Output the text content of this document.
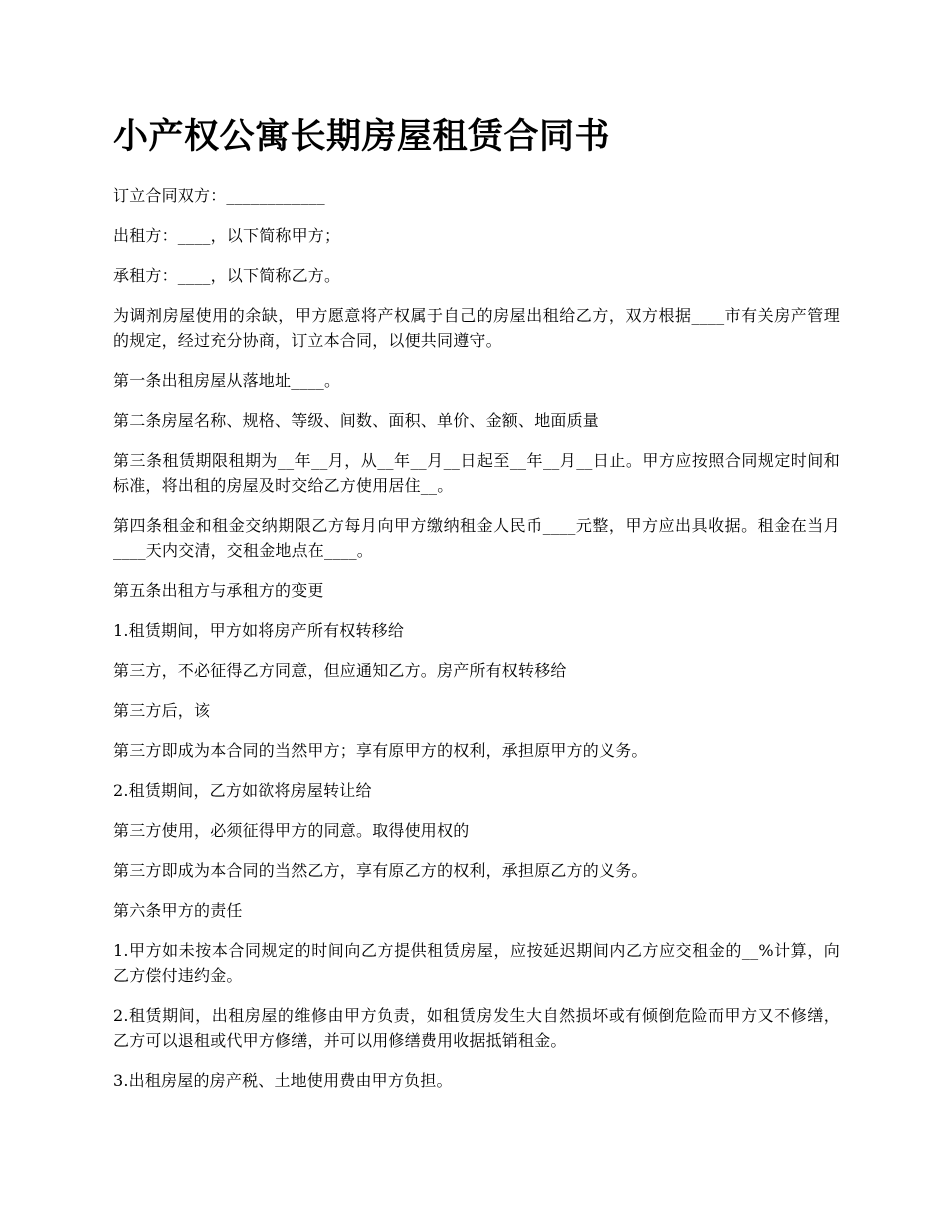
小产权公寓长期房屋租赁合同书

订立合同双方：____________

出租方：____，以下简称甲方；

承租方：____，以下简称乙方。

为调剂房屋使用的余缺，甲方愿意将产权属于自己的房屋出租给乙方，双方根据____市有关房产管理的规定，经过充分协商，订立本合同，以便共同遵守。

第一条出租房屋从落地址____。

第二条房屋名称、规格、等级、间数、面积、单价、金额、地面质量

第三条租赁期限租期为__年__月，从__年__月__日起至__年__月__日止。甲方应按照合同规定时间和标准，将出租的房屋及时交给乙方使用居住__。

第四条租金和租金交纳期限乙方每月向甲方缴纳租金人民币____元整，甲方应出具收据。租金在当月____天内交清，交租金地点在____。

第五条出租方与承租方的变更

1.租赁期间，甲方如将房产所有权转移给

第三方，不必征得乙方同意，但应通知乙方。房产所有权转移给

第三方后，该

第三方即成为本合同的当然甲方；享有原甲方的权利，承担原甲方的义务。

2.租赁期间，乙方如欲将房屋转让给

第三方使用，必须征得甲方的同意。取得使用权的

第三方即成为本合同的当然乙方，享有原乙方的权利，承担原乙方的义务。

第六条甲方的责任

1.甲方如未按本合同规定的时间向乙方提供租赁房屋，应按延迟期间内乙方应交租金的__%计算，向乙方偿付违约金。

2.租赁期间，出租房屋的维修由甲方负责，如租赁房发生大自然损坏或有倾倒危险而甲方又不修缮，乙方可以退租或代甲方修缮，并可以用修缮费用收据抵销租金。

3.出租房屋的房产税、土地使用费由甲方负担。
